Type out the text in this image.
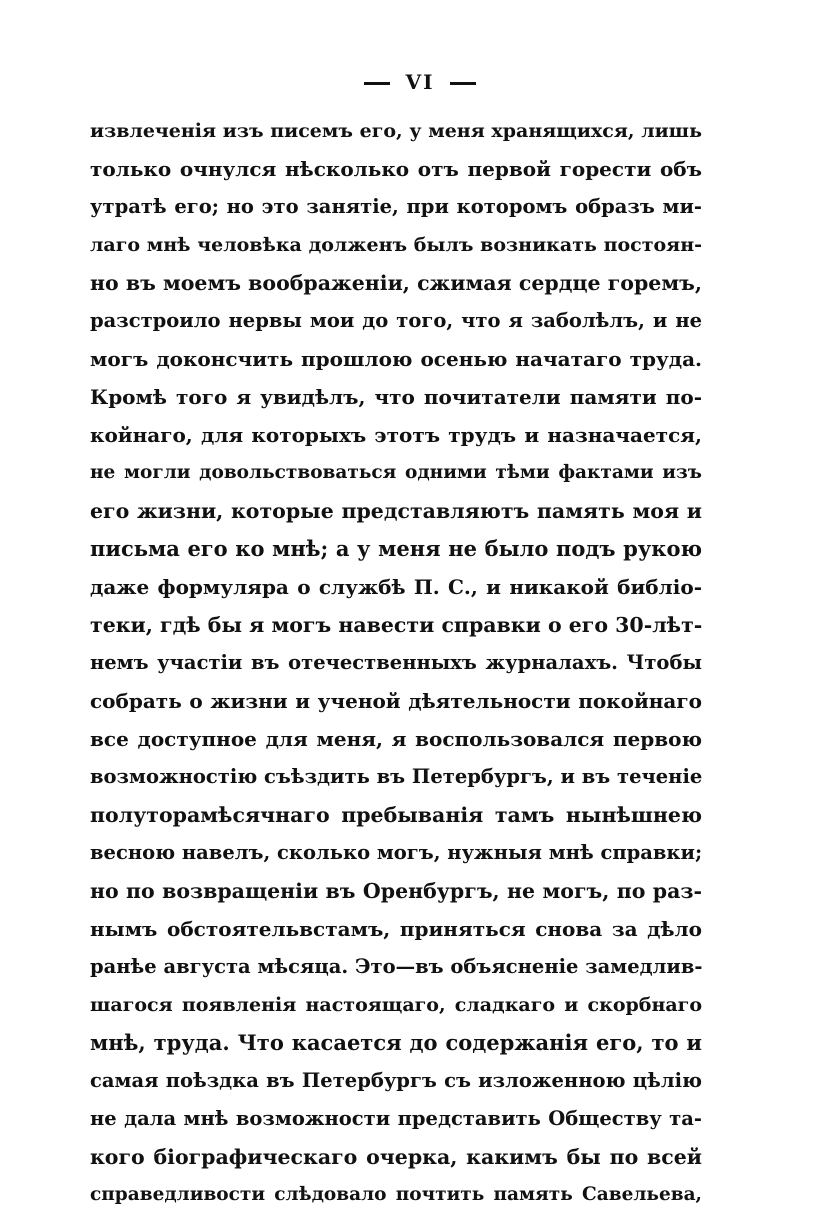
VI
извлеченія изъ писемъ его, у меня хранящихся, лишь
только очнулся нѣсколько отъ первой горести объ
утратѣ его; но это занятіе, при которомъ образъ ми-
лаго мнѣ человѣка долженъ былъ возникать постоян-
но въ моемъ воображеніи, сжимая сердце горемъ,
разстроило нервы мои до того, что я заболѣлъ, и не
могъ доконсчить прошлою осенью начатаго труда.
Кромѣ того я увидѣлъ, что почитатели памяти по-
койнаго, для которыхъ этотъ трудъ и назначается,
не могли довольствоваться одними тѣми фактами изъ
его жизни, которые представляютъ память моя и
письма его ко мнѣ; а у меня не было подъ рукою
даже формуляра о службѣ П. С., и никакой библіо-
теки, гдѣ бы я могъ навести справки о его 30-лѣт-
немъ участіи въ отечественныхъ журналахъ. Чтобы
собрать о жизни и ученой дѣятельности покойнаго
все доступное для меня, я воспользовался первою
возможностію съѣздить въ Петербургъ, и въ теченіе
полуторамѣсячнаго пребыванія тамъ нынѣшнею
весною навелъ, сколько могъ, нужныя мнѣ справки;
но по возвращеніи въ Оренбургъ, не могъ, по раз-
нымъ обстоятельвстамъ, приняться снова за дѣло
ранѣе августа мѣсяца. Это—въ объясненіе замедлив-
шагося появленія настоящаго, сладкаго и скорбнаго
мнѣ, труда. Что касается до содержанія его, то и
самая поѣздка въ Петербургъ съ изложенною цѣлію
не дала мнѣ возможности представить Обществу та-
кого біографическаго очерка, какимъ бы по всей
справедливости слѣдовало почтить память Савельева,
